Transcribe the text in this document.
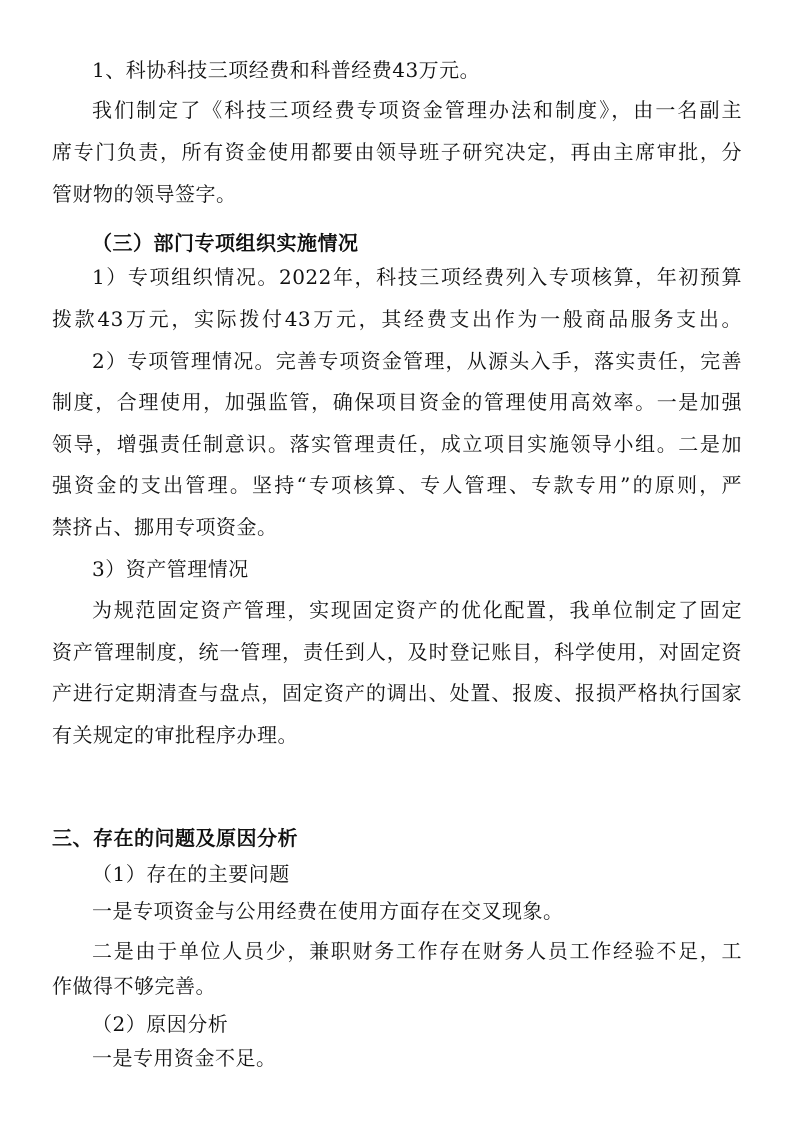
1、科协科技三项经费和科普经费43万元。
我们制定了《科技三项经费专项资金管理办法和制度》，由一名副主
席专门负责，所有资金使用都要由领导班子研究决定，再由主席审批，分
管财物的领导签字。
（三）部门专项组织实施情况
1）专项组织情况。2022年，科技三项经费列入专项核算，年初预算
拨款43万元，实际拨付43万元，其经费支出作为一般商品服务支出。
2）专项管理情况。完善专项资金管理，从源头入手，落实责任，完善
制度，合理使用，加强监管，确保项目资金的管理使用高效率。一是加强
领导，增强责任制意识。落实管理责任，成立项目实施领导小组。二是加
强资金的支出管理。坚持“专项核算、专人管理、专款专用”的原则，严
禁挤占、挪用专项资金。
3）资产管理情况
为规范固定资产管理，实现固定资产的优化配置，我单位制定了固定
资产管理制度，统一管理，责任到人，及时登记账目，科学使用，对固定资
产进行定期清查与盘点，固定资产的调出、处置、报废、报损严格执行国家
有关规定的审批程序办理。
三、存在的问题及原因分析
（1）存在的主要问题
一是专项资金与公用经费在使用方面存在交叉现象。
二是由于单位人员少，兼职财务工作存在财务人员工作经验不足，工
作做得不够完善。
（2）原因分析
一是专用资金不足。
